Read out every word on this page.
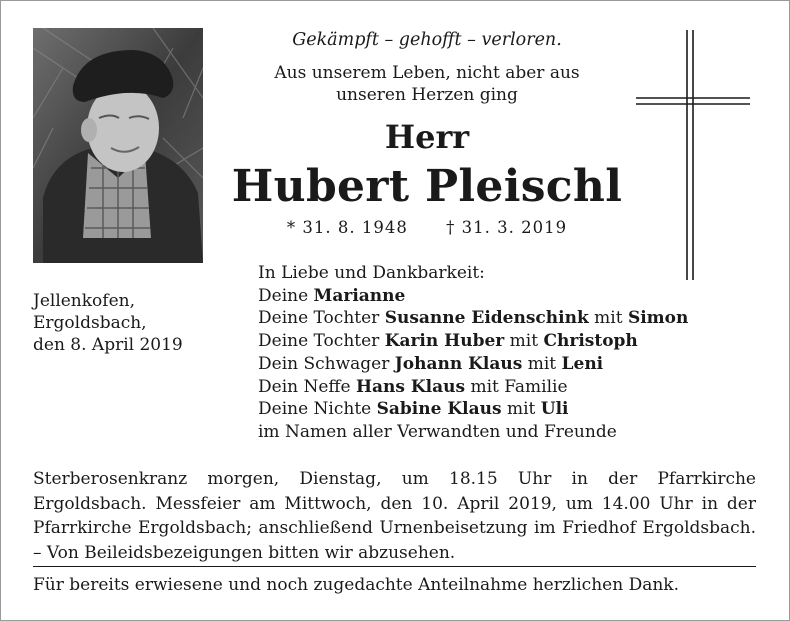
Gekämpft – gehofft – verloren.
Aus unserem Leben, nicht aber aus
unseren Herzen ging
Herr
Hubert Pleischl
* 31. 8. 1948 † 31. 3. 2019
Jellenkofen,
Ergoldsbach,
den 8. April 2019
In Liebe und Dankbarkeit:
Deine Marianne
Deine Tochter Susanne Eidenschink mit Simon
Deine Tochter Karin Huber mit Christoph
Dein Schwager Johann Klaus mit Leni
Dein Neffe Hans Klaus mit Familie
Deine Nichte Sabine Klaus mit Uli
im Namen aller Verwandten und Freunde
Sterberosenkranz morgen, Dienstag, um 18.15 Uhr in der Pfarrkirche Ergoldsbach. Messfeier am Mittwoch, den 10. April 2019, um 14.00 Uhr in der Pfarrkirche Ergoldsbach; anschließend Urnenbeisetzung im Friedhof Ergoldsbach. – Von Beileidsbezeigungen bitten wir abzusehen.
Für bereits erwiesene und noch zugedachte Anteilnahme herzlichen Dank.
